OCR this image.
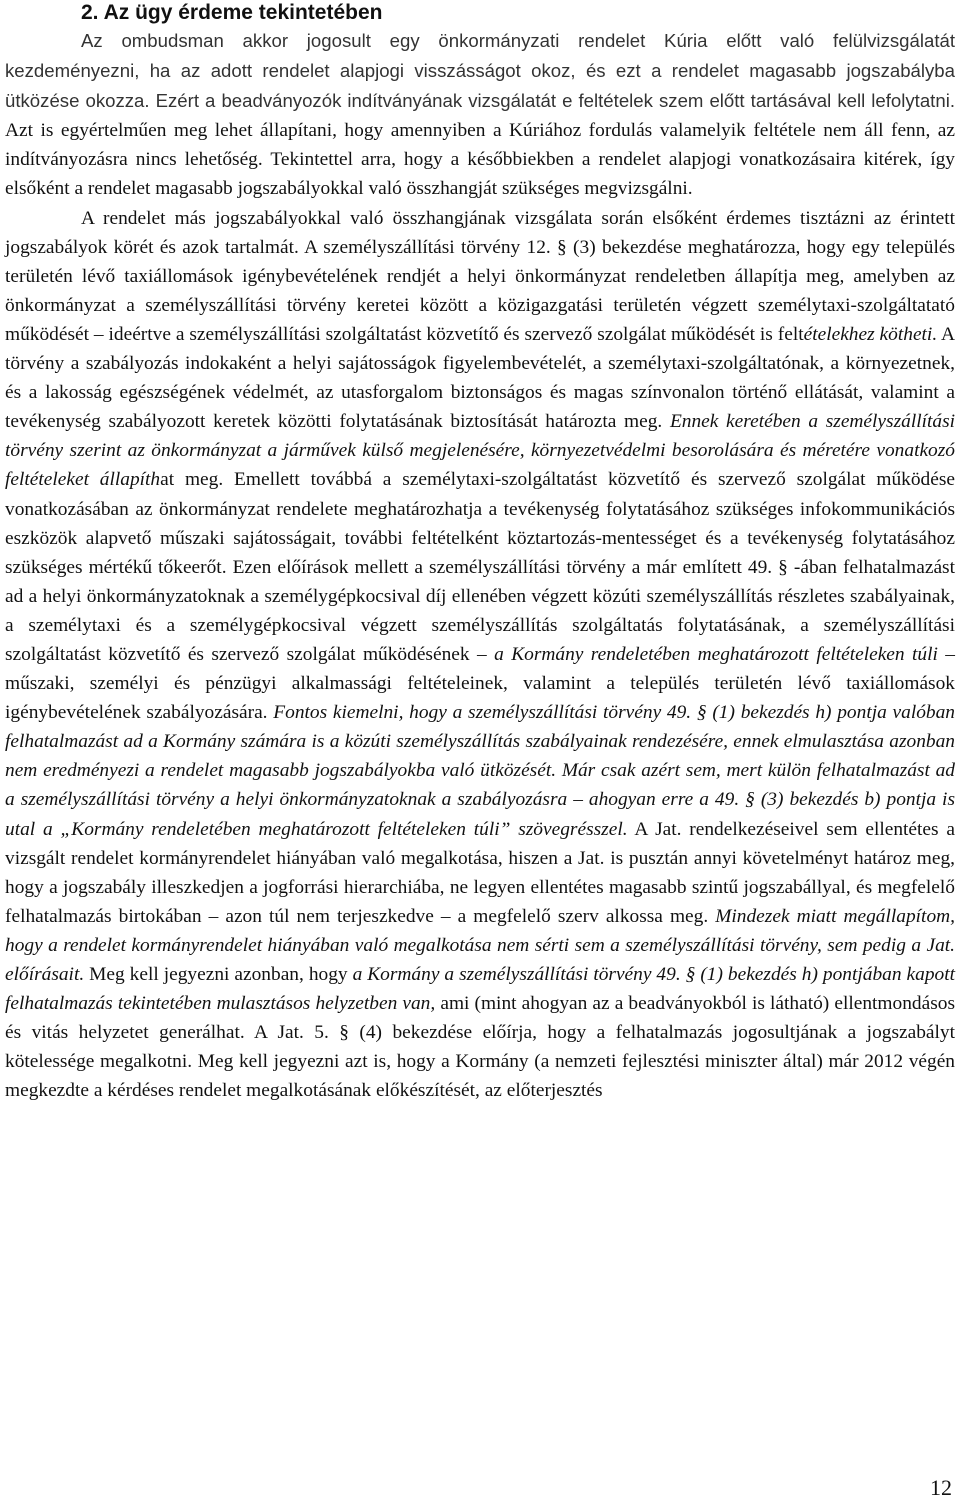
2. Az ügy érdeme tekintetében

Az ombudsman akkor jogosult egy önkormányzati rendelet Kúria előtt való felülvizsgálatát kezdeményezni, ha az adott rendelet alapjogi visszásságot okoz, és ezt a rendelet magasabb jogszabályba ütközése okozza. Ezért a beadványozók indítványának vizsgálatát e feltételek szem előtt tartásával kell lefolytatni. Azt is egyértelműen meg lehet állapítani, hogy amennyiben a Kúriához fordulás valamelyik feltétele nem áll fenn, az indítványozásra nincs lehetőség. Tekintettel arra, hogy a későbbiekben a rendelet alapjogi vonatkozásaira kitérek, így elsőként a rendelet magasabb jogszabályokkal való összhangját szükséges megvizsgálni.

A rendelet más jogszabályokkal való összhangjának vizsgálata során elsőként érdemes tisztázni az érintett jogszabályok körét és azok tartalmát. A személyszállítási törvény 12. § (3) bekezdése meghatározza, hogy egy település területén lévő taxiállomások igénybevételének rendjét a helyi önkormányzat rendeletben állapítja meg, amelyben az önkormányzat a személyszállítási törvény keretei között a közigazgatási területén végzett személytaxi-szolgáltatató működését – ideértve a személyszállítási szolgáltatást közvetítő és szervező szolgálat működését is feltételekhez kötheti. A törvény a szabályozás indokaként a helyi sajátosságok figyelembevételét, a személytaxi-szolgáltatónak, a környezetnek, és a lakosság egészségének védelmét, az utasforgalom biztonságos és magas színvonalon történő ellátását, valamint a tevékenység szabályozott keretek közötti folytatásának biztosítását határozta meg. Ennek keretében a személyszállítási törvény szerint az önkormányzat a járművek külső megjelenésére, környezetvédelmi besorolására és méretére vonatkozó feltételeket állapíthat meg. Emellett továbbá a személytaxi-szolgáltatást közvetítő és szervező szolgálat működése vonatkozásában az önkormányzat rendelete meghatározhatja a tevékenység folytatásához szükséges infokommunikációs eszközök alapvető műszaki sajátosságait, további feltételként köztartozás-mentességet és a tevékenység folytatásához szükséges mértékű tőkeerőt. Ezen előírások mellett a személyszállítási törvény a már említett 49. § -ában felhatalmazást ad a helyi önkormányzatoknak a személygépkocsival díj ellenében végzett közúti személyszállítás részletes szabályainak, a személytaxi és a személygépkocsival végzett személyszállítás szolgáltatás folytatásának, a személyszállítási szolgáltatást közvetítő és szervező szolgálat működésének – a Kormány rendeletében meghatározott feltételeken túli – műszaki, személyi és pénzügyi alkalmassági feltételeinek, valamint a település területén lévő taxiállomások igénybevételének szabályozására. Fontos kiemelni, hogy a személyszállítási törvény 49. § (1) bekezdés h) pontja valóban felhatalmazást ad a Kormány számára is a közúti személyszállítás szabályainak rendezésére, ennek elmulasztása azonban nem eredményezi a rendelet magasabb jogszabályokba való ütközését. Már csak azért sem, mert külön felhatalmazást ad a személyszállítási törvény a helyi önkormányzatoknak a szabályozásra – ahogyan erre a 49. § (3) bekezdés b) pontja is utal a „Kormány rendeletében meghatározott feltételeken túli” szövegrésszel. A Jat. rendelkezéseivel sem ellentétes a vizsgált rendelet kormányrendelet hiányában való megalkotása, hiszen a Jat. is pusztán annyi követelményt határoz meg, hogy a jogszabály illeszkedjen a jogforrási hierarchiába, ne legyen ellentétes magasabb szintű jogszabállyal, és megfelelő felhatalmazás birtokában – azon túl nem terjeszkedve – a megfelelő szerv alkossa meg. Mindezek miatt megállapítom, hogy a rendelet kormányrendelet hiányában való megalkotása nem sérti sem a személyszállítási törvény, sem pedig a Jat. előírásait. Meg kell jegyezni azonban, hogy a Kormány a személyszállítási törvény 49. § (1) bekezdés h) pontjában kapott felhatalmazás tekintetében mulasztásos helyzetben van, ami (mint ahogyan az a beadványokból is látható) ellentmondásos és vitás helyzetet generálhat. A Jat. 5. § (4) bekezdése előírja, hogy a felhatalmazás jogosultjának a jogszabályt kötelessége megalkotni. Meg kell jegyezni azt is, hogy a Kormány (a nemzeti fejlesztési miniszter által) már 2012 végén megkezdte a kérdéses rendelet megalkotásának előkészítését, az előterjesztés

12
